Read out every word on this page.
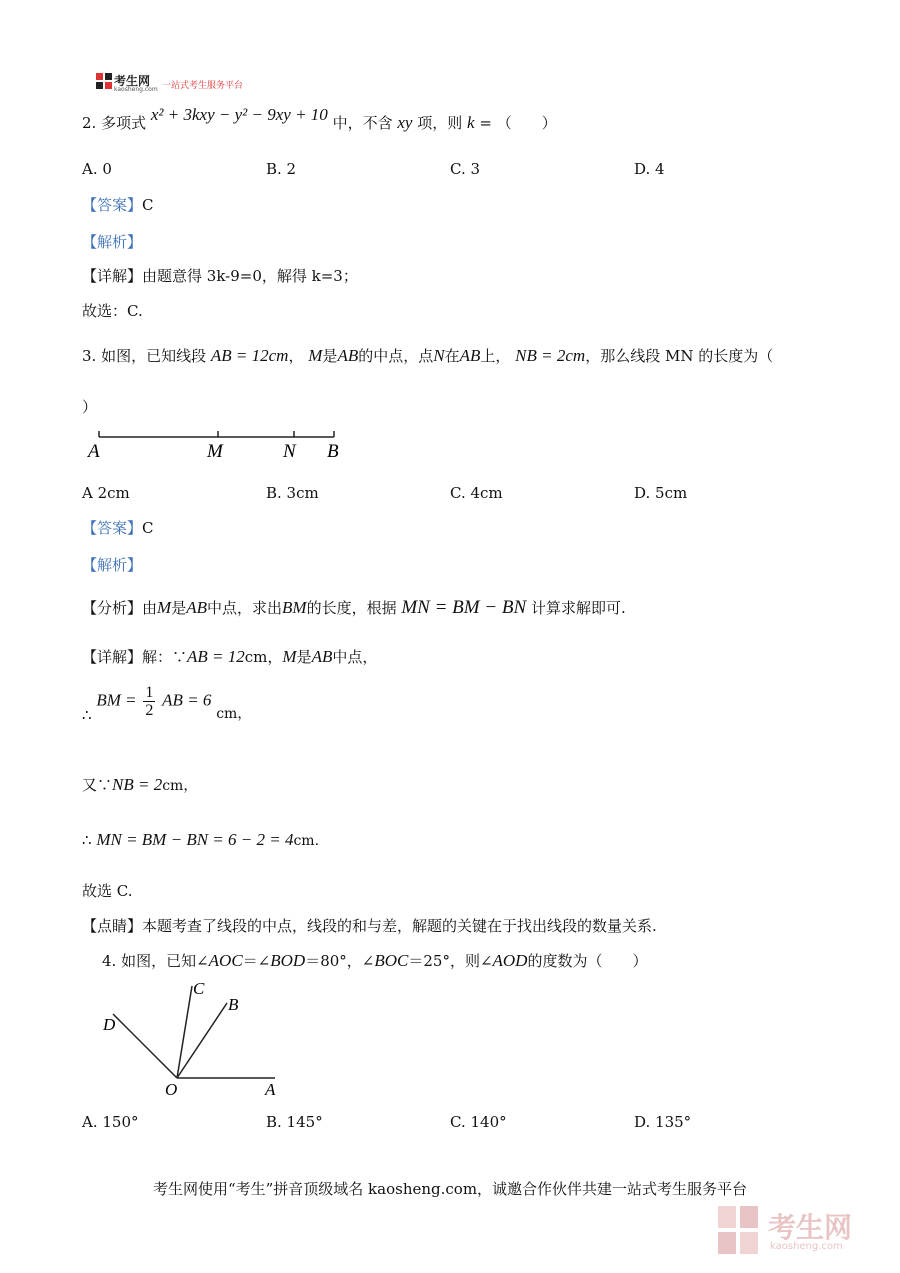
考生网
kaosheng.com 一站式考生服务平台
2. 多项式 x² + 3kxy − y² − 9xy + 10 中，不含 xy 项，则 k = （　　）
A. 0	B. 2	C. 3	D. 4
【答案】C
【解析】
【详解】由题意得 3k-9=0，解得 k=3；
故选：C.
3. 如图，已知线段 AB = 12cm， M是AB的中点，点N在AB上， NB = 2cm，那么线段 MN 的长度为（
）
A	M	N B
A 2cm	B. 3cm	C. 4cm	D. 5cm
【答案】C
【解析】
【分析】由M是AB中点，求出BM的长度，根据 MN = BM − BN 计算求解即可.
【详解】解：∵AB = 12cm，M是AB中点，
∴ BM = $\frac{1}{2}$ AB = 6 cm，
又∵NB = 2cm，
∴ MN = BM − BN = 6 − 2 = 4cm.
故选 C.
【点睛】本题考查了线段的中点，线段的和与差，解题的关键在于找出线段的数量关系.
4. 如图，已知∠AOC＝∠BOD＝80°，∠BOC＝25°，则∠AOD的度数为（　　）
C
B
D
O	A
A. 150°	B. 145°	C. 140°	D. 135°
考生网使用“考生”拼音顶级域名 kaosheng.com，诚邀合作伙伴共建一站式考生服务平台
考生网
kaosheng.com
